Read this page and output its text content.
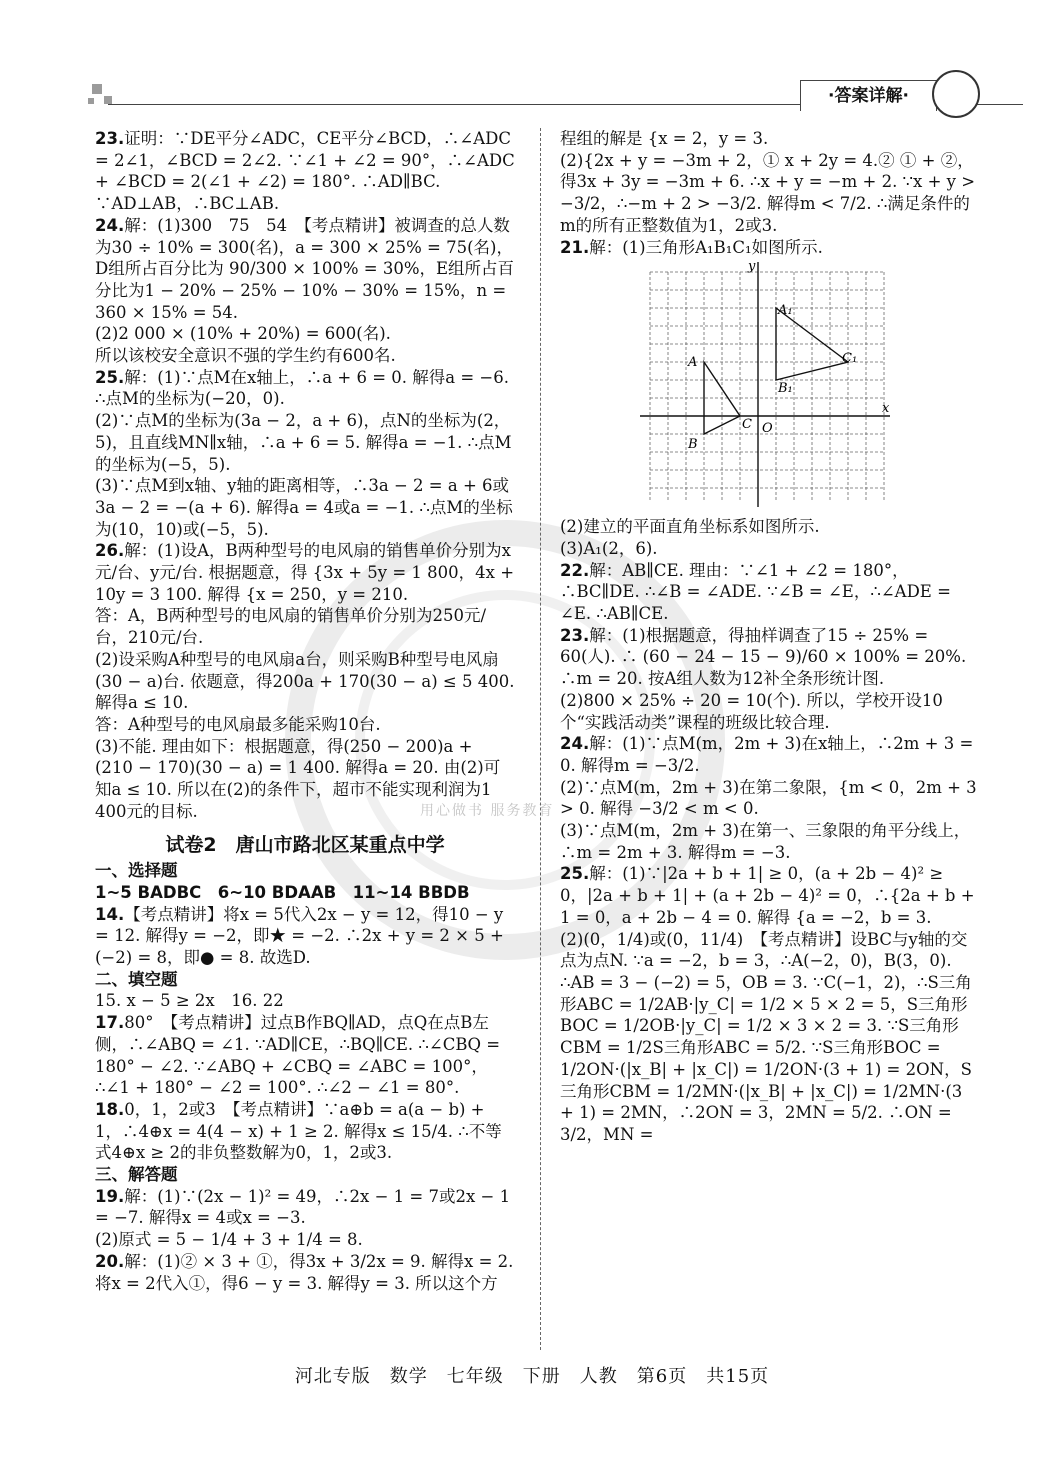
·答案详解·
用心做书 服务教育
23.证明：∵DE平分∠ADC，CE平分∠BCD，∴∠ADC = 2∠1，∠BCD = 2∠2. ∵∠1 + ∠2 = 90°，∴∠ADC + ∠BCD = 2(∠1 + ∠2) = 180°. ∴AD∥BC. ∵AD⊥AB，∴BC⊥AB.
24.解：(1)300　75　54　【考点精讲】被调查的总人数为30 ÷ 10% = 300(名)，a = 300 × 25% = 75(名)，D组所占百分比为 90/300 × 100% = 30%，E组所占百分比为1 − 20% − 25% − 10% − 30% = 15%，n = 360 × 15% = 54.
(2)2 000 × (10% + 20%) = 600(名).
所以该校安全意识不强的学生约有600名.
25.解：(1)∵点M在x轴上，∴a + 6 = 0. 解得a = −6. ∴点M的坐标为(−20，0).
(2)∵点M的坐标为(3a − 2，a + 6)，点N的坐标为(2，5)，且直线MN∥x轴，∴a + 6 = 5. 解得a = −1. ∴点M的坐标为(−5，5).
(3)∵点M到x轴、y轴的距离相等，∴3a − 2 = a + 6或3a − 2 = −(a + 6). 解得a = 4或a = −1. ∴点M的坐标为(10，10)或(−5，5).
26.解：(1)设A，B两种型号的电风扇的销售单价分别为x元/台、y元/台. 根据题意，得 {3x + 5y = 1 800，4x + 10y = 3 100. 解得 {x = 250，y = 210.
答：A，B两种型号的电风扇的销售单价分别为250元/台，210元/台.
(2)设采购A种型号的电风扇a台，则采购B种型号电风扇(30 − a)台. 依题意，得200a + 170(30 − a) ≤ 5 400. 解得a ≤ 10.
答：A种型号的电风扇最多能采购10台.
(3)不能. 理由如下：根据题意，得(250 − 200)a + (210 − 170)(30 − a) = 1 400. 解得a = 20. 由(2)可知a ≤ 10. 所以在(2)的条件下，超市不能实现利润为1 400元的目标.
试卷2　唐山市路北区某重点中学
一、选择题
1~5 BADBC　6~10 BDAAB　11~14 BBDB
14.【考点精讲】将x = 5代入2x − y = 12，得10 − y = 12. 解得y = −2，即★ = −2. ∴2x + y = 2 × 5 + (−2) = 8，即● = 8. 故选D.
二、填空题
15. x − 5 ≥ 2x　16. 22
17.80°　【考点精讲】过点B作BQ∥AD，点Q在点B左侧，∴∠ABQ = ∠1. ∵AD∥CE，∴BQ∥CE. ∴∠CBQ = 180° − ∠2. ∵∠ABQ + ∠CBQ = ∠ABC = 100°，∴∠1 + 180° − ∠2 = 100°. ∴∠2 − ∠1 = 80°.
18.0，1，2或3　【考点精讲】∵a⊕b = a(a − b) + 1，∴4⊕x = 4(4 − x) + 1 ≥ 2. 解得x ≤ 15/4. ∴不等式4⊕x ≥ 2的非负整数解为0，1，2或3.
三、解答题
19.解：(1)∵(2x − 1)² = 49，∴2x − 1 = 7或2x − 1 = −7. 解得x = 4或x = −3.
(2)原式 = 5 − 1/4 + 3 + 1/4 = 8.
20.解：(1)② × 3 + ①，得3x + 3/2x = 9. 解得x = 2. 将x = 2代入①，得6 − y = 3. 解得y = 3. 所以这个方
程组的解是 {x = 2，y = 3.
(2){2x + y = −3m + 2，① x + 2y = 4.② ① + ②，得3x + 3y = −3m + 6. ∴x + y = −m + 2. ∵x + y > −3/2，∴−m + 2 > −3/2. 解得m < 7/2. ∴满足条件的m的所有正整数值为1，2或3.
21.解：(1)三角形A₁B₁C₁如图所示.
y
x
O
A
B
C
A₁
B₁
C₁
(2)建立的平面直角坐标系如图所示.
(3)A₁(2，6).
22.解：AB∥CE. 理由：∵∠1 + ∠2 = 180°，∴BC∥DE. ∴∠B = ∠ADE. ∵∠B = ∠E，∴∠ADE = ∠E. ∴AB∥CE.
23.解：(1)根据题意，得抽样调查了15 ÷ 25% = 60(人). ∴ (60 − 24 − 15 − 9)/60 × 100% = 20%. ∴m = 20. 按A组人数为12补全条形统计图.
(2)800 × 25% ÷ 20 = 10(个). 所以，学校开设10个“实践活动类”课程的班级比较合理.
24.解：(1)∵点M(m，2m + 3)在x轴上，∴2m + 3 = 0. 解得m = −3/2.
(2)∵点M(m，2m + 3)在第二象限，{m < 0，2m + 3 > 0. 解得 −3/2 < m < 0.
(3)∵点M(m，2m + 3)在第一、三象限的角平分线上，∴m = 2m + 3. 解得m = −3.
25.解：(1)∵|2a + b + 1| ≥ 0，(a + 2b − 4)² ≥ 0，|2a + b + 1| + (a + 2b − 4)² = 0，∴{2a + b + 1 = 0，a + 2b − 4 = 0. 解得 {a = −2，b = 3.
(2)(0，1/4)或(0，11/4)　【考点精讲】设BC与y轴的交点为点N. ∵a = −2，b = 3，∴A(−2，0)，B(3，0). ∴AB = 3 − (−2) = 5，OB = 3. ∵C(−1，2)，∴S三角形ABC = 1/2AB·|y_C| = 1/2 × 5 × 2 = 5，S三角形BOC = 1/2OB·|y_C| = 1/2 × 3 × 2 = 3. ∵S三角形CBM = 1/2S三角形ABC = 5/2. ∵S三角形BOC = 1/2ON·(|x_B| + |x_C|) = 1/2ON·(3 + 1) = 2ON，S三角形CBM = 1/2MN·(|x_B| + |x_C|) = 1/2MN·(3 + 1) = 2MN，∴2ON = 3，2MN = 5/2. ∴ON = 3/2，MN =
河北专版　数学　七年级　下册　人教　第6页　共15页
